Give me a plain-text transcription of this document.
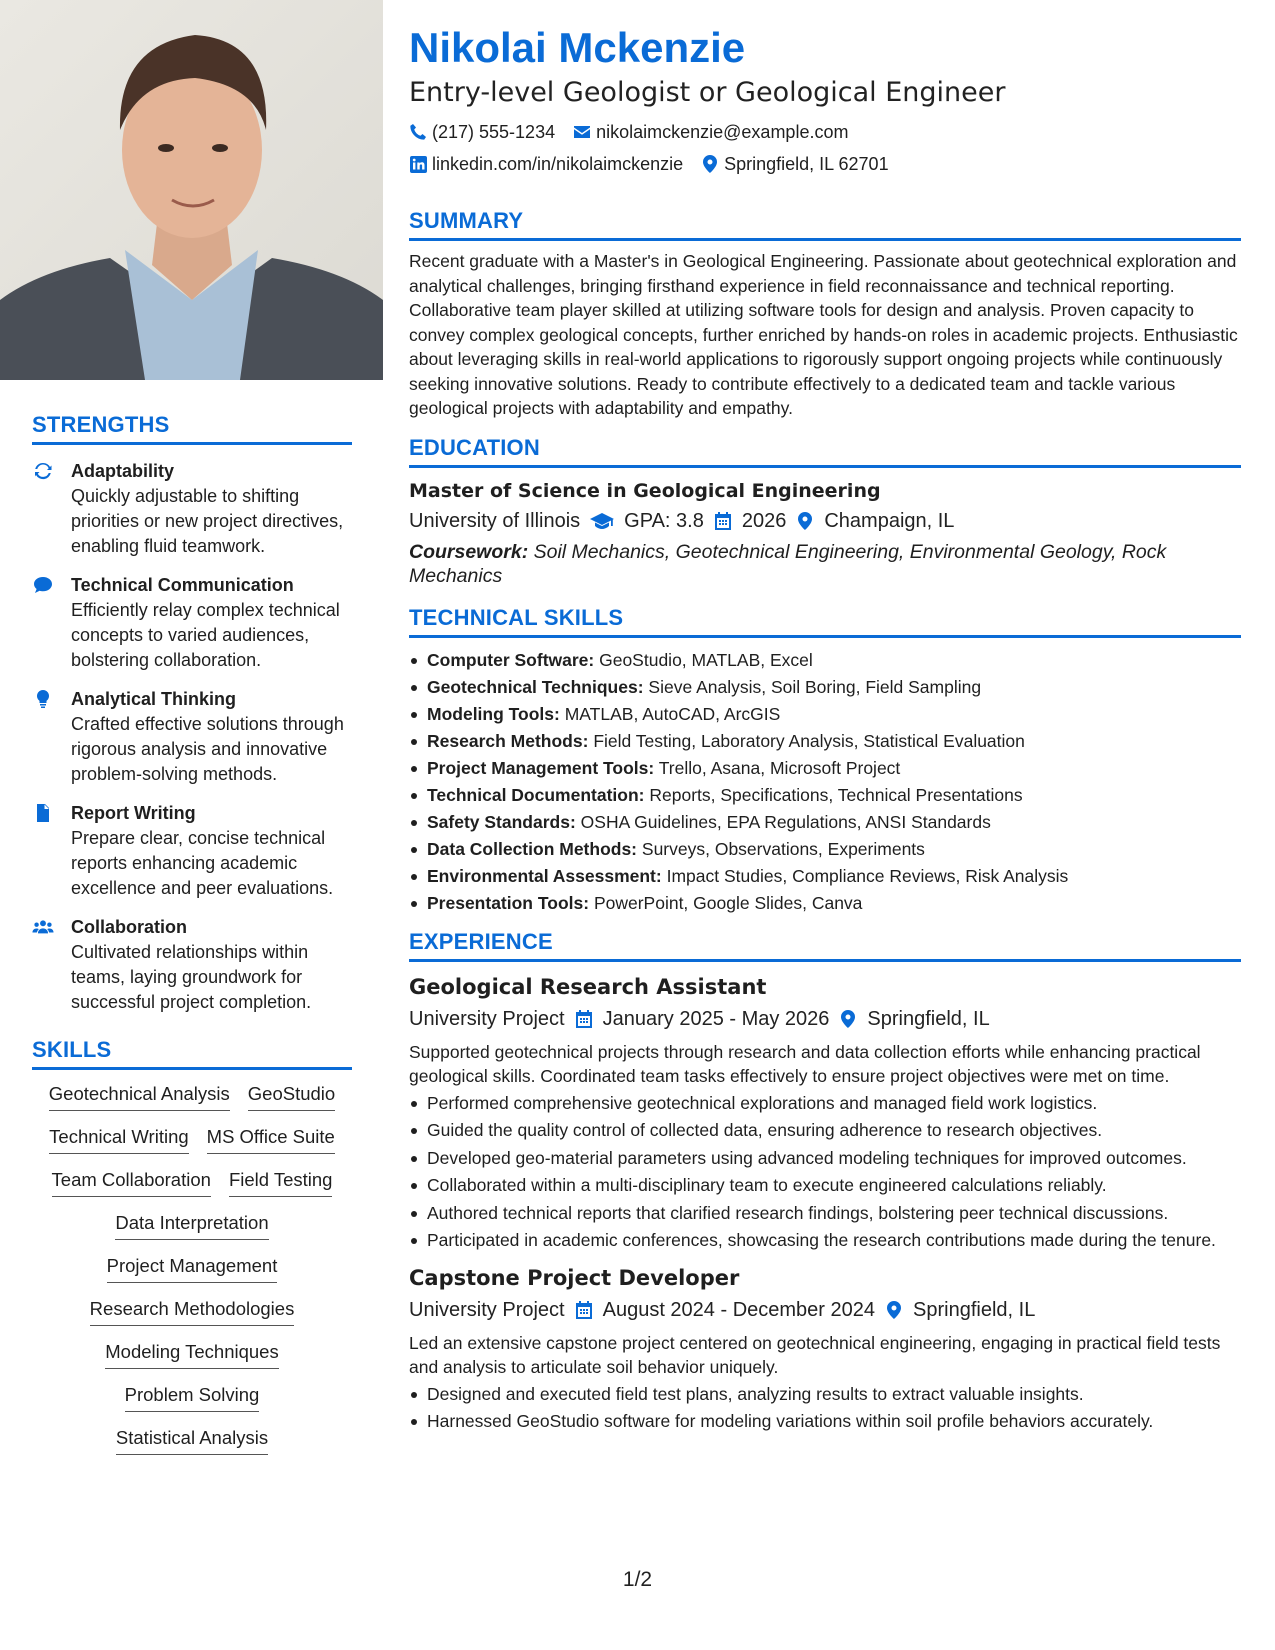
STRENGTHS
Adaptability
Quickly adjustable to shifting priorities or new project directives, enabling fluid teamwork.
Technical Communication
Efficiently relay complex technical concepts to varied audiences, bolstering collaboration.
Analytical Thinking
Crafted effective solutions through rigorous analysis and innovative problem-solving methods.
Report Writing
Prepare clear, concise technical reports enhancing academic excellence and peer evaluations.
Collaboration
Cultivated relationships within teams, laying groundwork for successful project completion.
SKILLS
Geotechnical Analysis GeoStudio
Technical Writing MS Office Suite
Team Collaboration Field Testing
Data Interpretation
Project Management
Research Methodologies
Modeling Techniques
Problem Solving
Statistical Analysis
Nikolai Mckenzie
Entry-level Geologist or Geological Engineer
(217) 555-1234 nikolaimckenzie@example.com
linkedin.com/in/nikolaimckenzie Springfield, IL 62701
SUMMARY
Recent graduate with a Master's in Geological Engineering. Passionate about geotechnical exploration and analytical challenges, bringing firsthand experience in field reconnaissance and technical reporting. Collaborative team player skilled at utilizing software tools for design and analysis. Proven capacity to convey complex geological concepts, further enriched by hands-on roles in academic projects. Enthusiastic about leveraging skills in real-world applications to rigorously support ongoing projects while continuously seeking innovative solutions. Ready to contribute effectively to a dedicated team and tackle various geological projects with adaptability and empathy.
EDUCATION
Master of Science in Geological Engineering
University of Illinois GPA: 3.8 2026 Champaign, IL
Coursework: Soil Mechanics, Geotechnical Engineering, Environmental Geology, Rock Mechanics
TECHNICAL SKILLS
Computer Software: GeoStudio, MATLAB, Excel
Geotechnical Techniques: Sieve Analysis, Soil Boring, Field Sampling
Modeling Tools: MATLAB, AutoCAD, ArcGIS
Research Methods: Field Testing, Laboratory Analysis, Statistical Evaluation
Project Management Tools: Trello, Asana, Microsoft Project
Technical Documentation: Reports, Specifications, Technical Presentations
Safety Standards: OSHA Guidelines, EPA Regulations, ANSI Standards
Data Collection Methods: Surveys, Observations, Experiments
Environmental Assessment: Impact Studies, Compliance Reviews, Risk Analysis
Presentation Tools: PowerPoint, Google Slides, Canva
EXPERIENCE
Geological Research Assistant
University Project January 2025 - May 2026 Springfield, IL
Supported geotechnical projects through research and data collection efforts while enhancing practical geological skills. Coordinated team tasks effectively to ensure project objectives were met on time.
Performed comprehensive geotechnical explorations and managed field work logistics.
Guided the quality control of collected data, ensuring adherence to research objectives.
Developed geo-material parameters using advanced modeling techniques for improved outcomes.
Collaborated within a multi-disciplinary team to execute engineered calculations reliably.
Authored technical reports that clarified research findings, bolstering peer technical discussions.
Participated in academic conferences, showcasing the research contributions made during the tenure.
Capstone Project Developer
University Project August 2024 - December 2024 Springfield, IL
Led an extensive capstone project centered on geotechnical engineering, engaging in practical field tests and analysis to articulate soil behavior uniquely.
Designed and executed field test plans, analyzing results to extract valuable insights.
Harnessed GeoStudio software for modeling variations within soil profile behaviors accurately.
1/2
